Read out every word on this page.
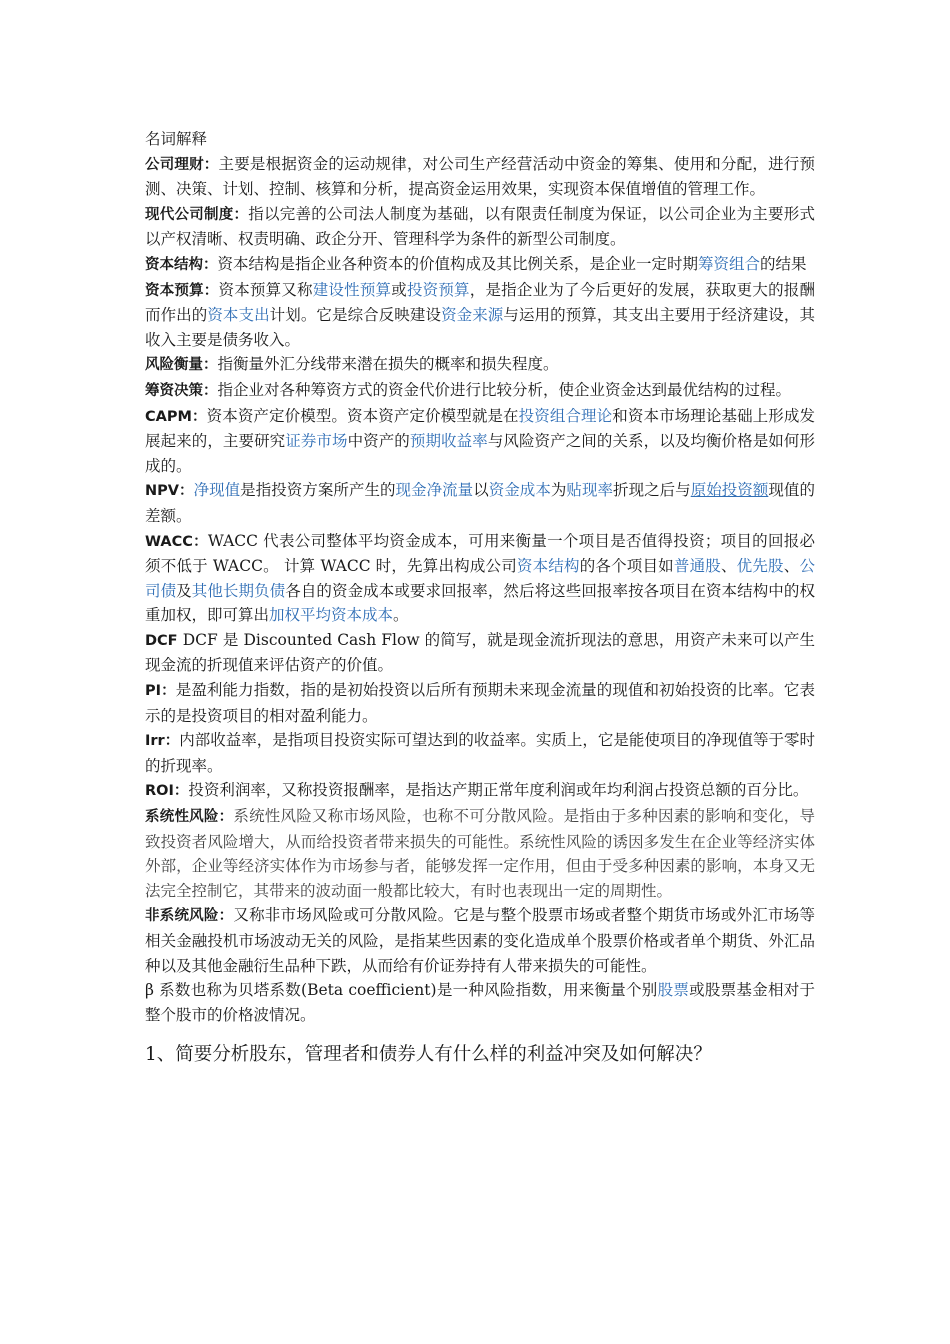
名词解释

公司理财：主要是根据资金的运动规律，对公司生产经营活动中资金的筹集、使用和分配，进行预测、决策、计划、控制、核算和分析，提高资金运用效果，实现资本保值增值的管理工作。

现代公司制度：指以完善的公司法人制度为基础，以有限责任制度为保证，以公司企业为主要形式以产权清晰、权责明确、政企分开、管理科学为条件的新型公司制度。

资本结构：资本结构是指企业各种资本的价值构成及其比例关系，是企业一定时期筹资组合的结果

资本预算：资本预算又称建设性预算或投资预算，是指企业为了今后更好的发展，获取更大的报酬而作出的资本支出计划。它是综合反映建设资金来源与运用的预算，其支出主要用于经济建设，其收入主要是债务收入。

风险衡量：指衡量外汇分线带来潜在损失的概率和损失程度。

筹资决策：指企业对各种筹资方式的资金代价进行比较分析，使企业资金达到最优结构的过程。

CAPM：资本资产定价模型。资本资产定价模型就是在投资组合理论和资本市场理论基础上形成发展起来的，主要研究证券市场中资产的预期收益率与风险资产之间的关系，以及均衡价格是如何形成的。

NPV：净现值是指投资方案所产生的现金净流量以资金成本为贴现率折现之后与原始投资额现值的差额。

WACC：WACC 代表公司整体平均资金成本，可用来衡量一个项目是否值得投资；项目的回报必须不低于 WACC。 计算 WACC 时，先算出构成公司资本结构的各个项目如普通股、优先股、公司债及其他长期负债各自的资金成本或要求回报率，然后将这些回报率按各项目在资本结构中的权重加权，即可算出加权平均资本成本。

DCF DCF 是 Discounted Cash Flow 的简写，就是现金流折现法的意思，用资产未来可以产生现金流的折现值来评估资产的价值。

PI：是盈利能力指数，指的是初始投资以后所有预期未来现金流量的现值和初始投资的比率。它表示的是投资项目的相对盈利能力。

Irr：内部收益率，是指项目投资实际可望达到的收益率。实质上，它是能使项目的净现值等于零时的折现率。

ROI：投资利润率，又称投资报酬率，是指达产期正常年度利润或年均利润占投资总额的百分比。

系统性风险：系统性风险又称市场风险，也称不可分散风险。是指由于多种因素的影响和变化，导致投资者风险增大，从而给投资者带来损失的可能性。系统性风险的诱因多发生在企业等经济实体外部，企业等经济实体作为市场参与者，能够发挥一定作用，但由于受多种因素的影响，本身又无法完全控制它，其带来的波动面一般都比较大，有时也表现出一定的周期性。

非系统风险：又称非市场风险或可分散风险。它是与整个股票市场或者整个期货市场或外汇市场等相关金融投机市场波动无关的风险，是指某些因素的变化造成单个股票价格或者单个期货、外汇品种以及其他金融衍生品种下跌，从而给有价证券持有人带来损失的可能性。

β 系数也称为贝塔系数(Beta coefficient)是一种风险指数，用来衡量个别股票或股票基金相对于整个股市的价格波情况。

1、简要分析股东，管理者和债券人有什么样的利益冲突及如何解决？
